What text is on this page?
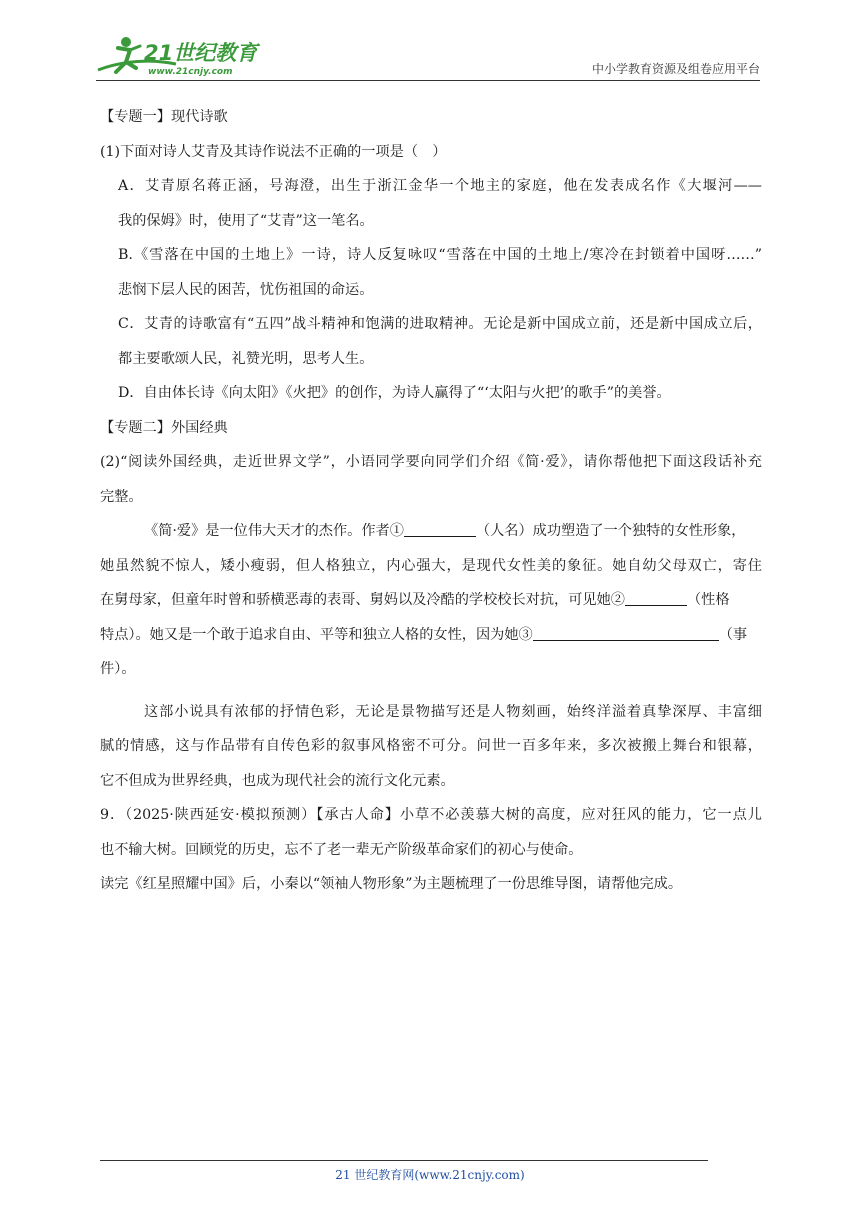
21世纪教育
www.21cnjy.com	中小学教育资源及组卷应用平台
【专题一】现代诗歌
(1)下面对诗人艾青及其诗作说法不正确的一项是（　）
A．艾青原名蒋正涵，号海澄，出生于浙江金华一个地主的家庭，他在发表成名作《大堰河——
我的保姆》时，使用了“艾青”这一笔名。
B.《雪落在中国的土地上》一诗，诗人反复咏叹“雪落在中国的土地上/寒冷在封锁着中国呀……”
悲悯下层人民的困苦，忧伤祖国的命运。
C．艾青的诗歌富有“五四”战斗精神和饱满的进取精神。无论是新中国成立前，还是新中国成立后，
都主要歌颂人民，礼赞光明，思考人生。
D．自由体长诗《向太阳》《火把》的创作，为诗人赢得了“‘太阳与火把’的歌手”的美誉。
【专题二】外国经典
(2)“阅读外国经典，走近世界文学”，小语同学要向同学们介绍《简·爱》，请你帮他把下面这段话补充
完整。
《简·爱》是一位伟大天才的杰作。作者①	（人名）成功塑造了一个独特的女性形象，
她虽然貌不惊人，矮小瘦弱，但人格独立，内心强大，是现代女性美的象征。她自幼父母双亡，寄住
在舅母家，但童年时曾和骄横恶毒的表哥、舅妈以及冷酷的学校校长对抗，可见她②	（性格
特点）。她又是一个敢于追求自由、平等和独立人格的女性，因为她③	（事
件）。
这部小说具有浓郁的抒情色彩，无论是景物描写还是人物刻画，始终洋溢着真挚深厚、丰富细
腻的情感，这与作品带有自传色彩的叙事风格密不可分。问世一百多年来，多次被搬上舞台和银幕，
它不但成为世界经典，也成为现代社会的流行文化元素。
9．（2025·陕西延安·模拟预测）【承古人命】小草不必羡慕大树的高度，应对狂风的能力，它一点儿
也不输大树。回顾党的历史，忘不了老一辈无产阶级革命家们的初心与使命。
读完《红星照耀中国》后，小秦以“领袖人物形象”为主题梳理了一份思维导图，请帮他完成。
21 世纪教育网(www.21cnjy.com)
